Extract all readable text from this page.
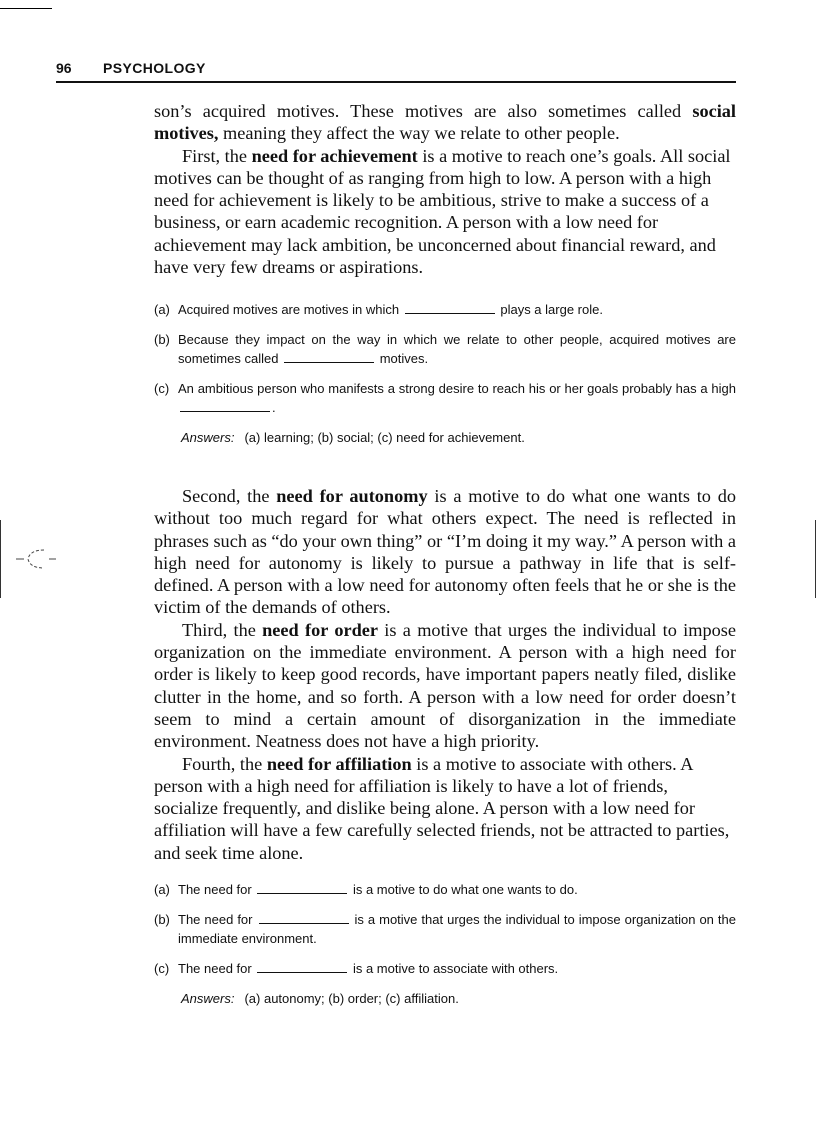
96 PSYCHOLOGY

son’s acquired motives. These motives are also sometimes called social motives, meaning they affect the way we relate to other people.

First, the need for achievement is a motive to reach one’s goals. All social motives can be thought of as ranging from high to low. A person with a high need for achievement is likely to be ambitious, strive to make a success of a business, or earn academic recognition. A person with a low need for achievement may lack ambition, be unconcerned about financial reward, and have very few dreams or aspirations.

(a) Acquired motives are motives in which	plays a large role.
(b) Because they impact on the way in which we relate to other people, acquired motives are sometimes called	motives.
(c) An ambitious person who manifests a strong desire to reach his or her goals probably has a high .
Answers: (a) learning; (b) social; (c) need for achievement.

Second, the need for autonomy is a motive to do what one wants to do without too much regard for what others expect. The need is reflected in phrases such as “do your own thing” or “I’m doing it my way.” A person with a high need for autonomy is likely to pursue a pathway in life that is self-defined. A person with a low need for autonomy often feels that he or she is the victim of the demands of others.

Third, the need for order is a motive that urges the individual to impose organization on the immediate environment. A person with a high need for order is likely to keep good records, have important papers neatly filed, dislike clutter in the home, and so forth. A person with a low need for order doesn’t seem to mind a certain amount of disorganization in the immediate environment. Neatness does not have a high priority.

Fourth, the need for affiliation is a motive to associate with others. A person with a high need for affiliation is likely to have a lot of friends, socialize frequently, and dislike being alone. A person with a low need for affiliation will have a few carefully selected friends, not be attracted to parties, and seek time alone.

(a) The need for	is a motive to do what one wants to do.
(b) The need for	is a motive that urges the individual to impose organization on the immediate environment.
(c) The need for	is a motive to associate with others.
Answers: (a) autonomy; (b) order; (c) affiliation.
